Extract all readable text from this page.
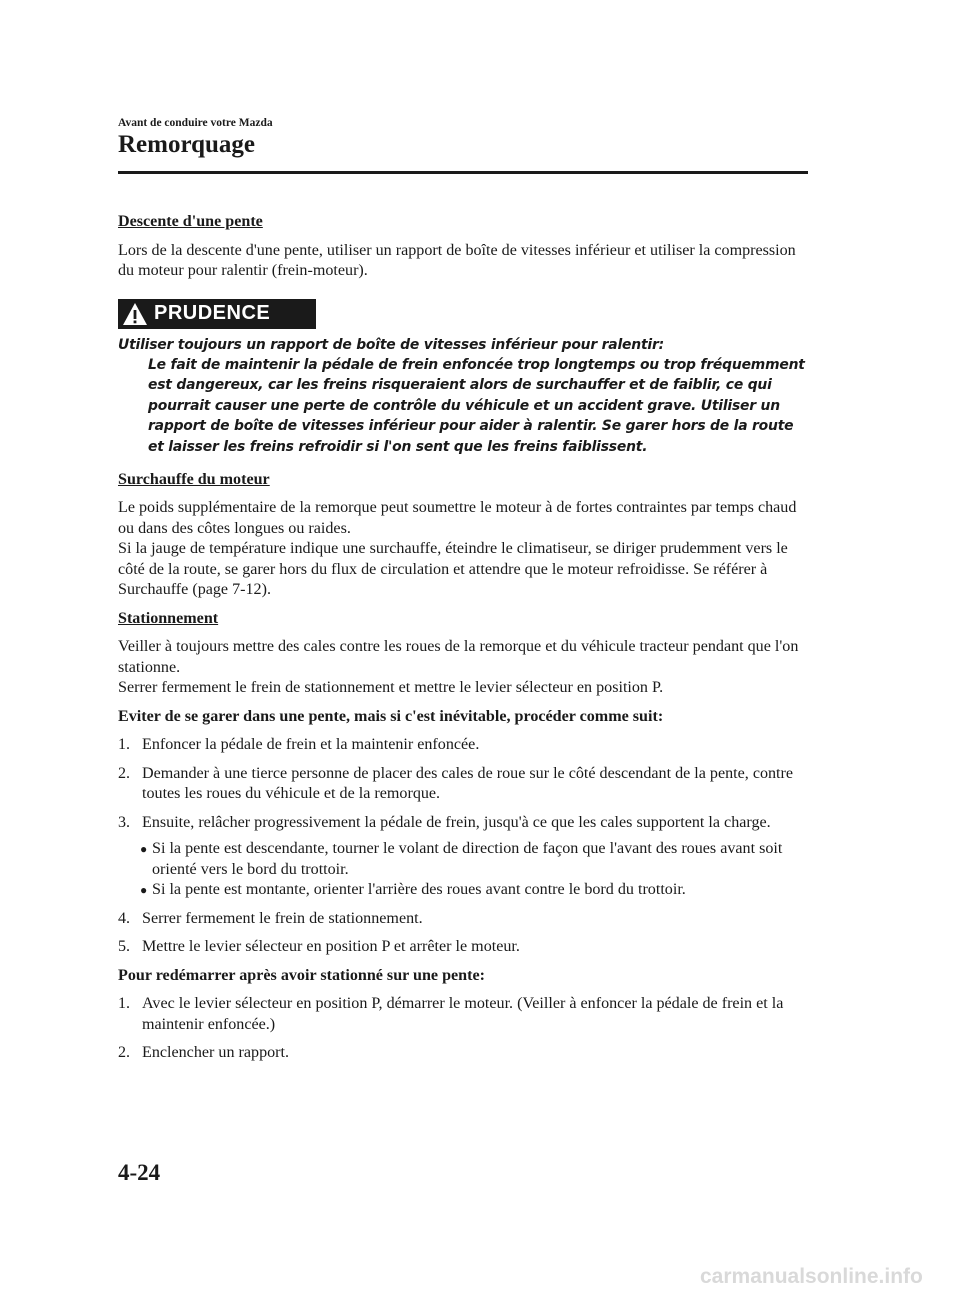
Avant de conduire votre Mazda
Remorquage
Descente d'une pente

Lors de la descente d'une pente, utiliser un rapport de boîte de vitesses inférieur et utiliser la compression du moteur pour ralentir (frein-moteur).

PRUDENCE
Utiliser toujours un rapport de boîte de vitesses inférieur pour ralentir:
Le fait de maintenir la pédale de frein enfoncée trop longtemps ou trop fréquemment est dangereux, car les freins risqueraient alors de surchauffer et de faiblir, ce qui pourrait causer une perte de contrôle du véhicule et un accident grave. Utiliser un rapport de boîte de vitesses inférieur pour aider à ralentir. Se garer hors de la route et laisser les freins refroidir si l'on sent que les freins faiblissent.
Surchauffe du moteur

Le poids supplémentaire de la remorque peut soumettre le moteur à de fortes contraintes par temps chaud ou dans des côtes longues ou raides.

Si la jauge de température indique une surchauffe, éteindre le climatiseur, se diriger prudemment vers le côté de la route, se garer hors du flux de circulation et attendre que le moteur refroidisse. Se référer à Surchauffe (page 7-12).

Stationnement

Veiller à toujours mettre des cales contre les roues de la remorque et du véhicule tracteur pendant que l'on stationne.

Serrer fermement le frein de stationnement et mettre le levier sélecteur en position P.

Eviter de se garer dans une pente, mais si c'est inévitable, procéder comme suit:

1. Enfoncer la pédale de frein et la maintenir enfoncée.
2. Demander à une tierce personne de placer des cales de roue sur le côté descendant de la pente, contre toutes les roues du véhicule et de la remorque.
3. Ensuite, relâcher progressivement la pédale de frein, jusqu'à ce que les cales supportent la charge.
● Si la pente est descendante, tourner le volant de direction de façon que l'avant des roues avant soit orienté vers le bord du trottoir.
● Si la pente est montante, orienter l'arrière des roues avant contre le bord du trottoir.
4. Serrer fermement le frein de stationnement.
5. Mettre le levier sélecteur en position P et arrêter le moteur.

Pour redémarrer après avoir stationné sur une pente:

1. Avec le levier sélecteur en position P, démarrer le moteur. (Veiller à enfoncer la pédale de frein et la maintenir enfoncée.)
2. Enclencher un rapport.
4-24
carmanualsonline.info
